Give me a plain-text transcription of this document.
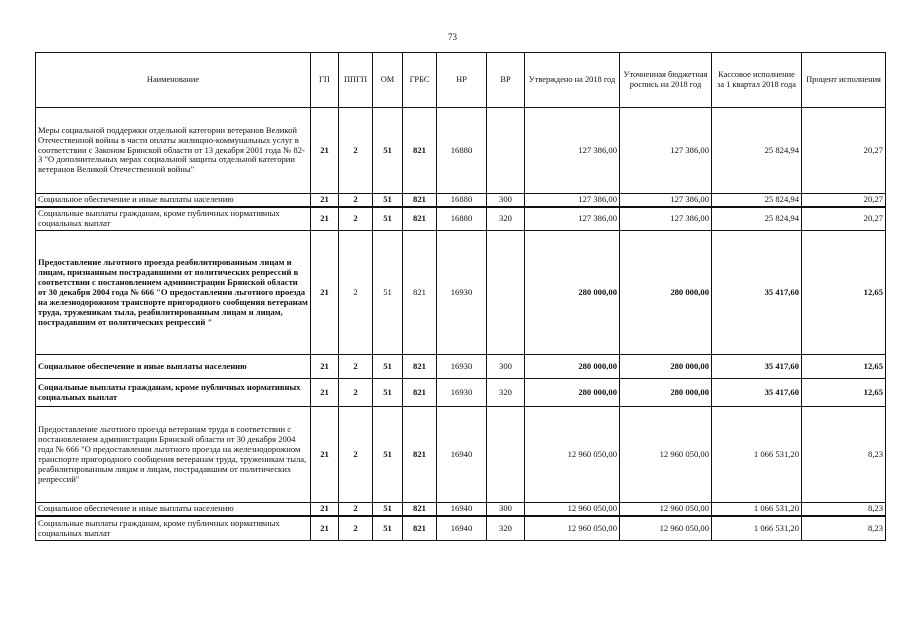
73
Наименование	ГП	ППГП	ОМ	ГРБС	НР	ВР	Утверждено на 2018 год	Уточненная бюджетная роспись на 2018 год	Кассовое исполнение за 1 квартал 2018 года	Процент исполнения
Меры социальной поддержки отдельной категории ветеранов Великой Отечественной войны в части оплаты жилищно-коммунальных услуг в соответствии с Законом Брянской области от 13 декабря 2001 года № 82-З "О дополнительных мерах социальной защиты отдельной категории ветеранов Великой Отечественной войны"	21	2	51	821	16880		127 386,00	127 386,00	25 824,94	20,27
Социальное обеспечение и иные выплаты населению	21	2	51	821	16880	300	127 386,00	127 386,00	25 824,94	20,27
Социальные выплаты гражданам, кроме публичных нормативных социальных выплат	21	2	51	821	16880	320	127 386,00	127 386,00	25 824,94	20,27
Предоставление льготного проезда реабилитированным лицам и лицам, признанным пострадавшими от политических репрессий в соответствии с постановлением администрации Брянской области от 30 декабря 2004 года № 666 "О предоставлении льготного проезда на железнодорожном транспорте пригородного сообщения ветеранам труда, труженикам тыла, реабилитированным лицам и лицам, пострадавшим от политических репрессий "	21	2	51	821	16930		280 000,00	280 000,00	35 417,60	12,65
Социальное обеспечение и иные выплаты населению	21	2	51	821	16930	300	280 000,00	280 000,00	35 417,60	12,65
Социальные выплаты гражданам, кроме публичных нормативных социальных выплат	21	2	51	821	16930	320	280 000,00	280 000,00	35 417,60	12,65
Предоставление льготного проезда ветеранам труда в соответствии с постановлением администрации Брянской области от 30 декабря 2004 года № 666 "О предоставлении льготного проезда на железнодорожном транспорте пригородного сообщения ветеранам труда, труженикам тыла, реабилитированным лицам и лицам, пострадавшим от политических репрессий"	21	2	51	821	16940		12 960 050,00	12 960 050,00	1 066 531,20	8,23
Социальное обеспечение и иные выплаты населению	21	2	51	821	16940	300	12 960 050,00	12 960 050,00	1 066 531,20	8,23
Социальные выплаты гражданам, кроме публичных нормативных социальных выплат	21	2	51	821	16940	320	12 960 050,00	12 960 050,00	1 066 531,20	8,23
